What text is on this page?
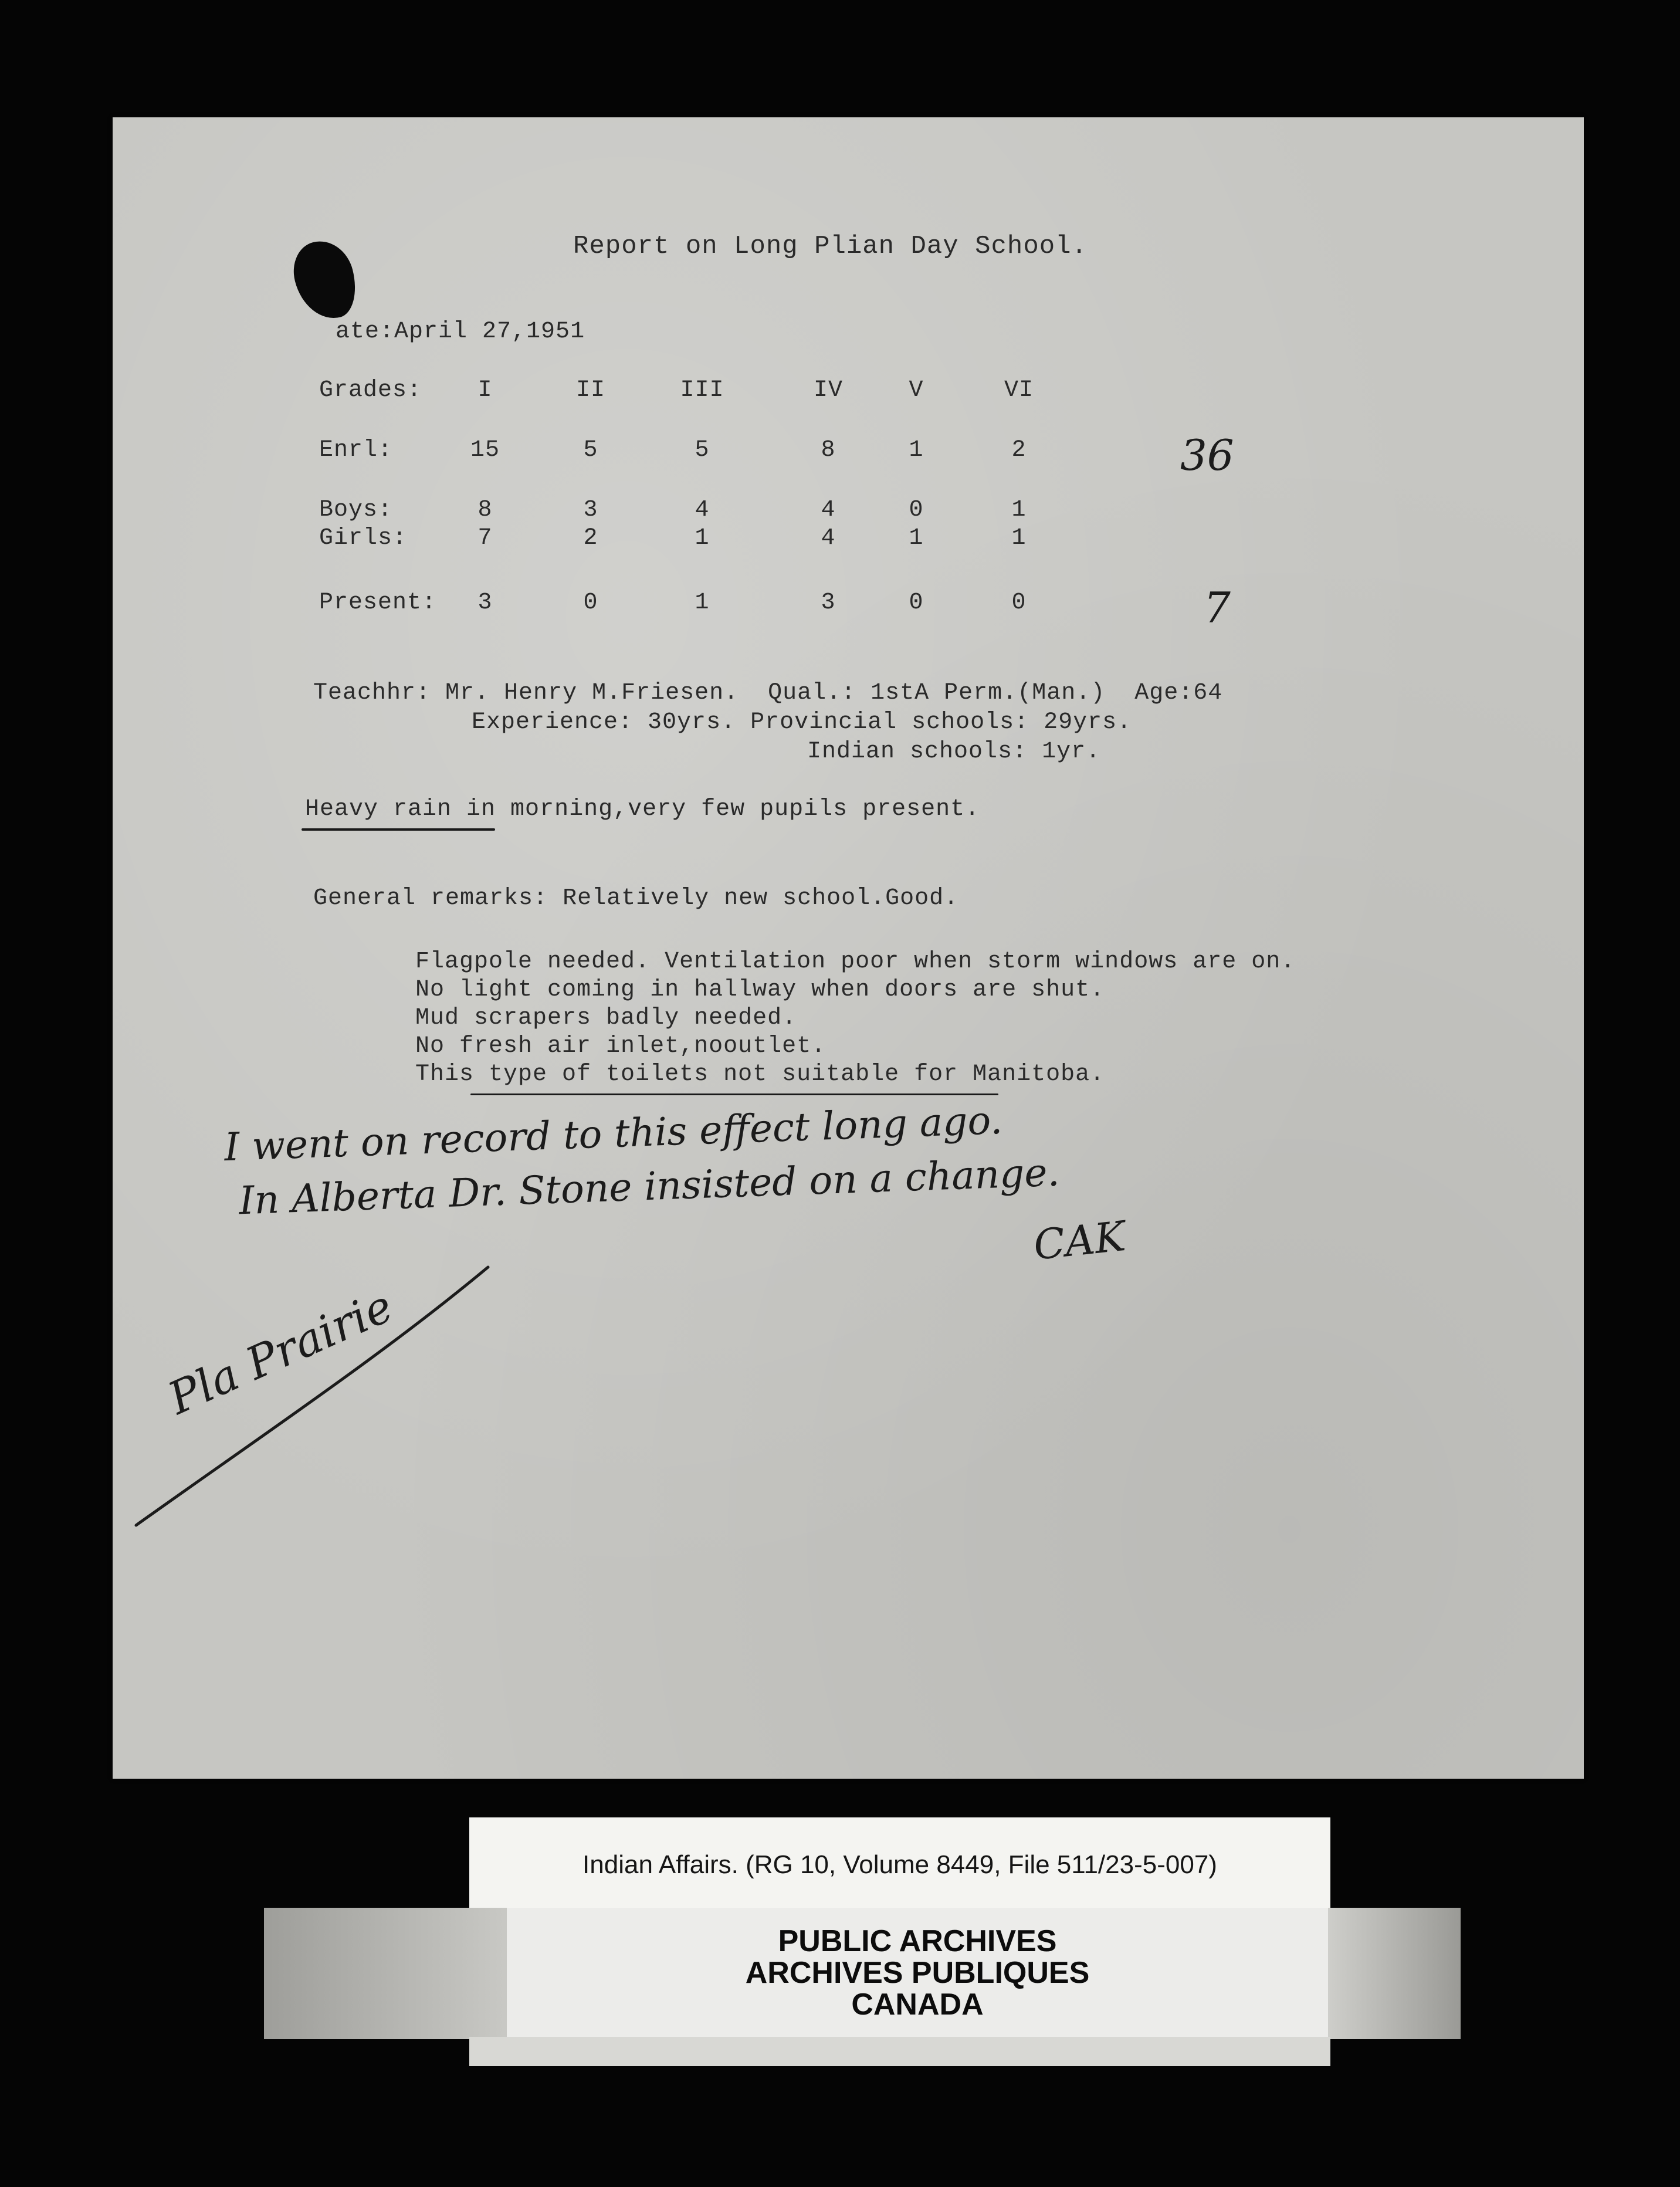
Report on Long Plian Day School.
ate:April 27,1951
Grades:	I	II	III	IV	V	VI
Enrl:	15	5	5	8	1	2	36
Boys:	8	3	4	4	0	1
Girls:	7	2	1	4	1	1
Present:	3	0	1	3	0	0	7
Teachhr: Mr. Henry M.Friesen.  Qual.: 1stA Perm.(Man.)  Age:64
Experience: 30yrs. Provincial schools: 29yrs.
Indian schools: 1yr.
Heavy rain in morning,very few pupils present.
General remarks: Relatively new school.Good.
Flagpole needed. Ventilation poor when storm windows are on.
No light coming in hallway when doors are shut.
Mud scrapers badly needed.
No fresh air inlet,nooutlet.
This type of toilets not suitable for Manitoba.
I went on record to this effect long ago.
In Alberta Dr. Stone insisted on a change.
CAK
Pla Prairie
Indian Affairs. (RG 10, Volume 8449, File 511/23-5-007)
PUBLIC ARCHIVES
ARCHIVES PUBLIQUES
CANADA
